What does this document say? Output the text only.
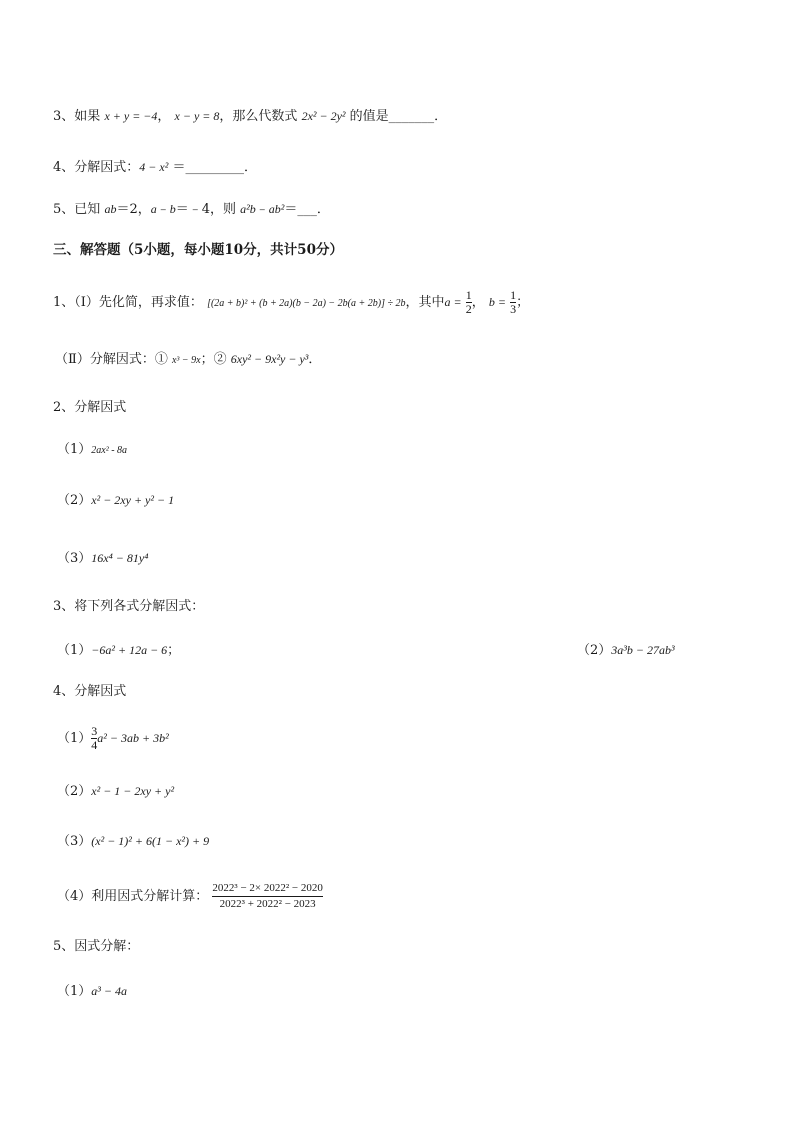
3、如果 x + y = −4， x − y = 8，那么代数式 2x² − 2y² 的值是_______．
4、分解因式：4 − x² ＝_________．
5、已知 ab＝2，a﹣b＝﹣4，则 a²b﹣ab²＝___．
三、解答题（5小题，每小题10分，共计50分）
1、（Ⅰ）先化简，再求值： [(2a + b)² + (b + 2a)(b − 2a) − 2b(a + 2b)] ÷ 2b，其中$a = \frac{1}{2}$ ， $b = \frac{1}{3}$ ；
（Ⅱ）分解因式：① x³ − 9x；② 6xy² − 9x²y − y³．
2、分解因式
（1）2ax² - 8a
（2）x² − 2xy + y² − 1
（3）16x⁴ − 81y⁴
3、将下列各式分解因式：
（1）−6a² + 12a − 6；	（2）3a³b − 27ab³
4、分解因式
$(1) \frac{3}{4} a^2 - 3ab + 3b^2$
（2）x² − 1 − 2xy + y²
（3）(x² − 1)² + 6(1 − x²) + 9
（4）利用因式分解计算： $\frac{\text{2022³ − 2× 2022² − 2020}}{\text{2022³ + 2022² − 2023}}$
5、因式分解：
（1）a³ − 4a
